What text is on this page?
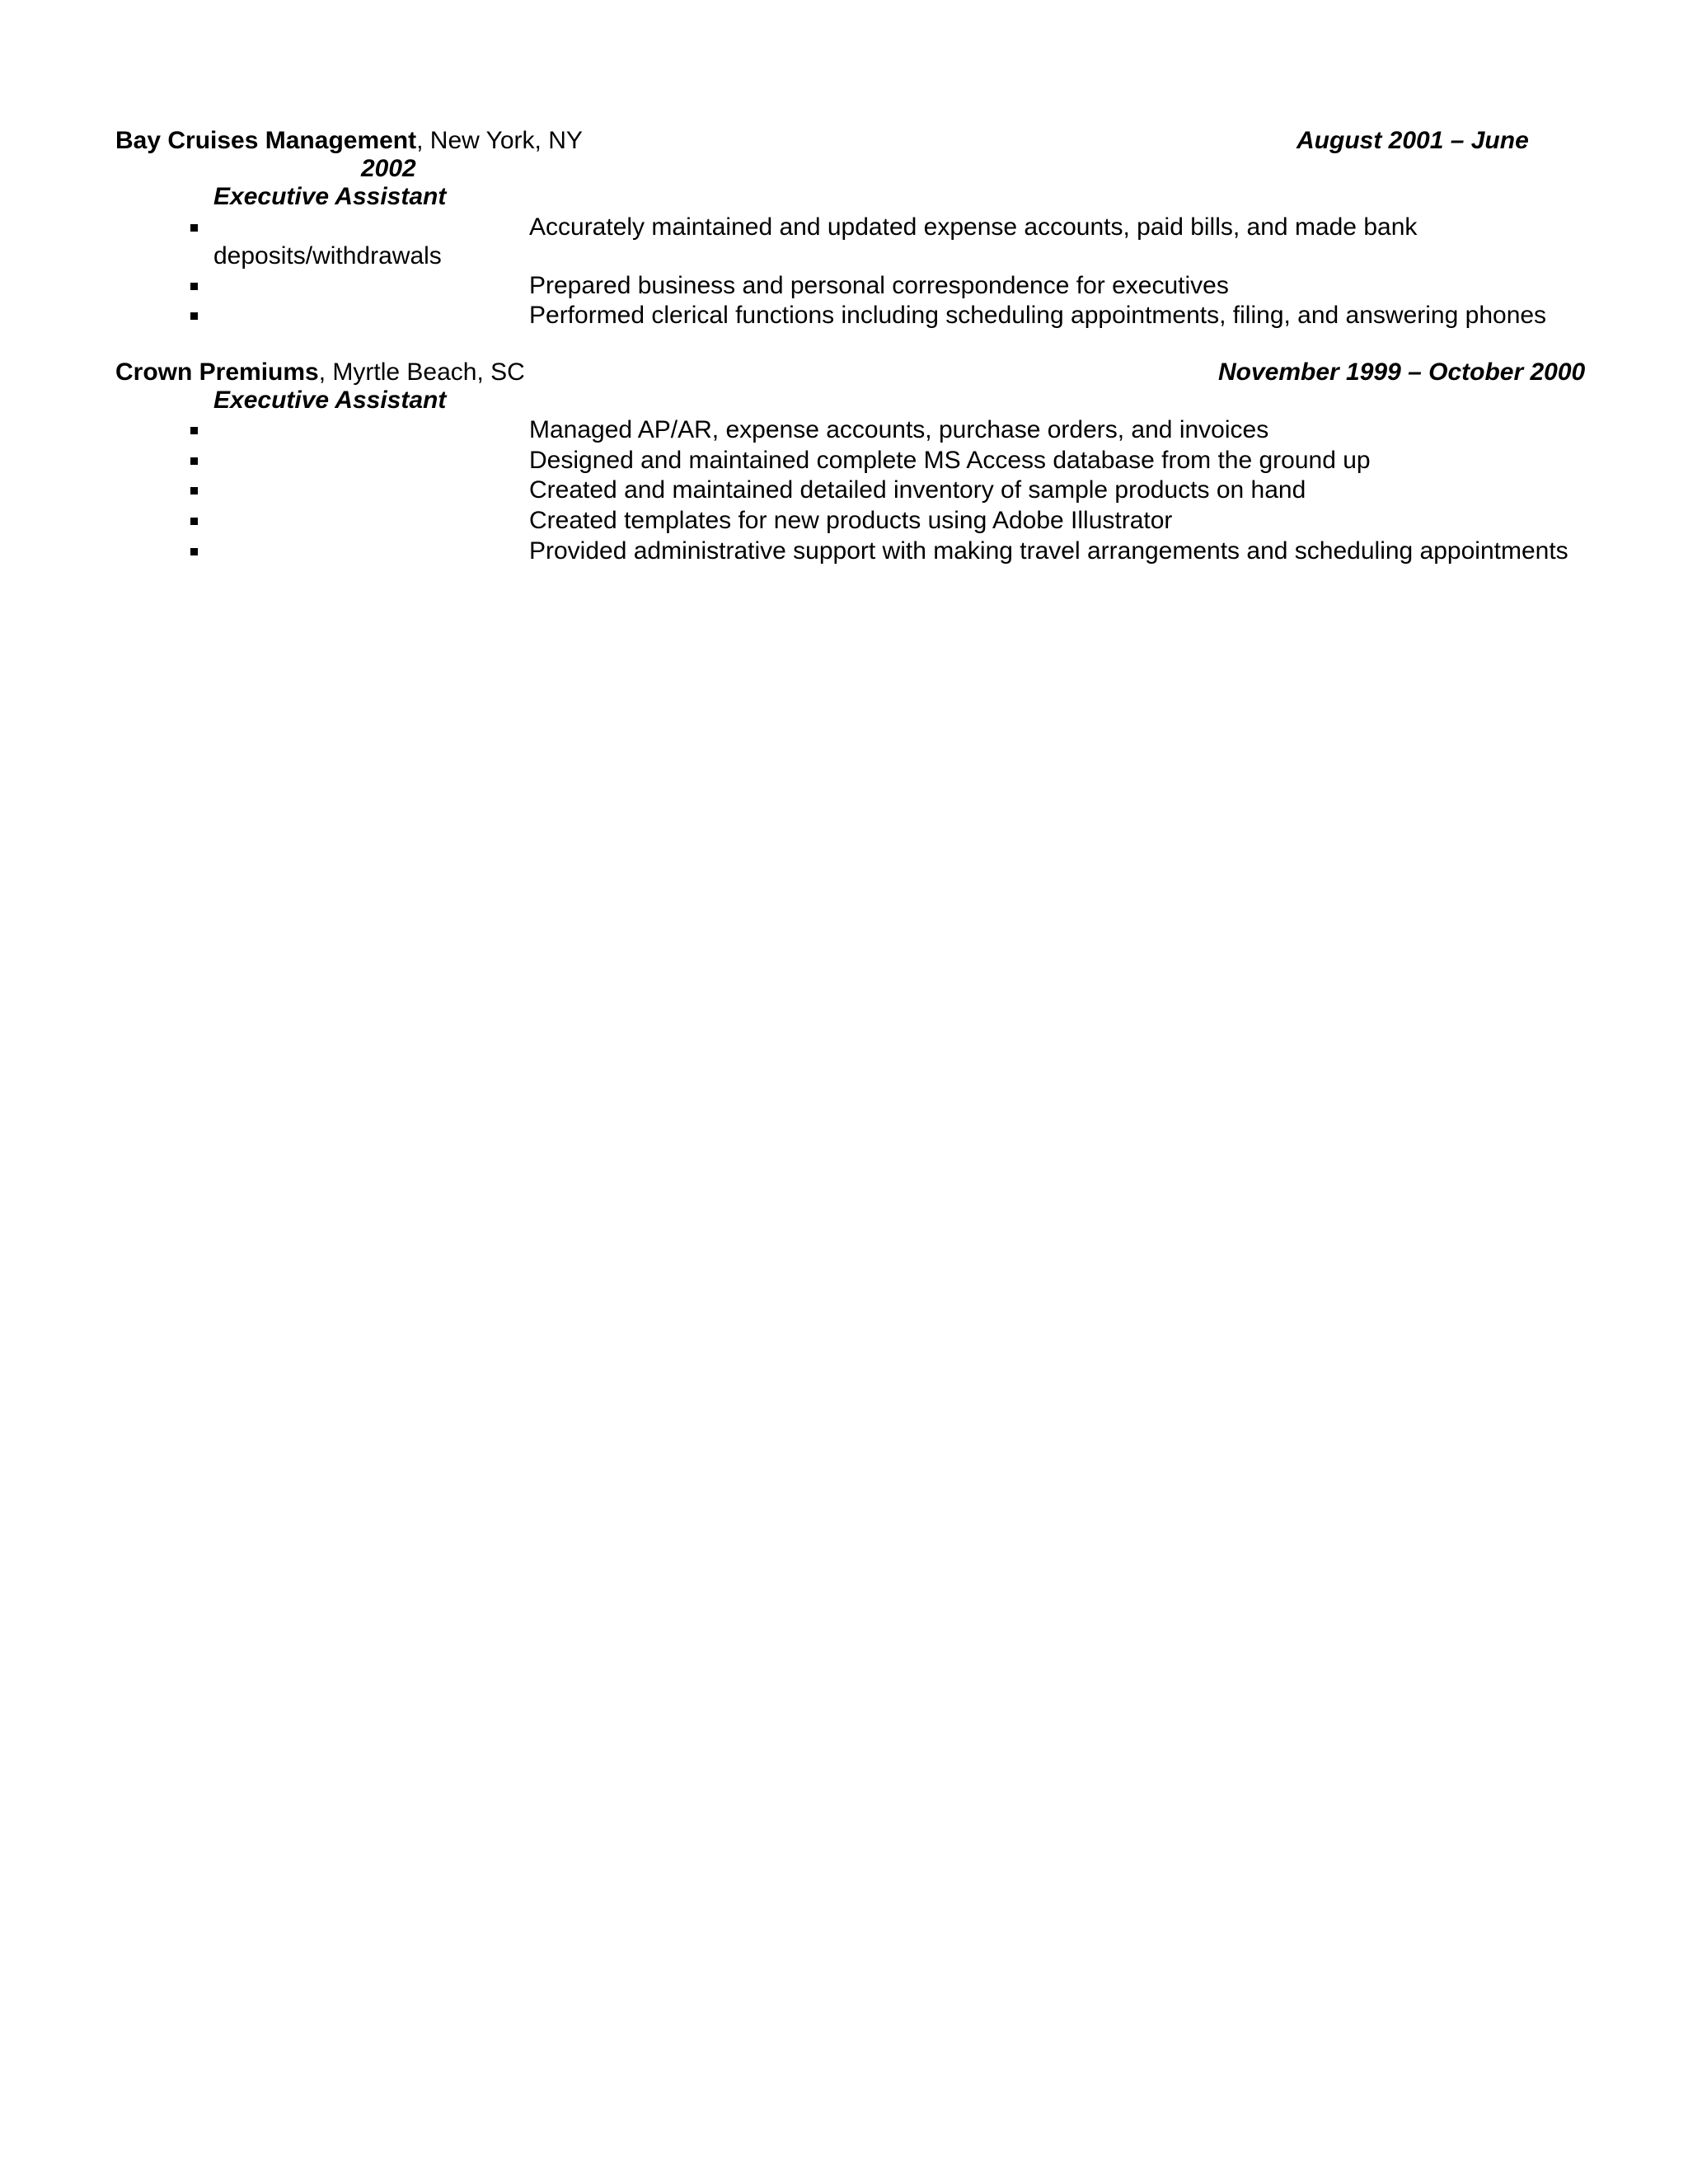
Bay Cruises Management, New York, NY	August 2001 – June
2002
Executive Assistant
Accurately maintained and updated expense accounts, paid bills, and made bank
deposits/withdrawals
Prepared business and personal correspondence for executives
Performed clerical functions including scheduling appointments, filing, and answering phones
Crown Premiums, Myrtle Beach, SC	November 1999 – October 2000
Executive Assistant
Managed AP/AR, expense accounts, purchase orders, and invoices
Designed and maintained complete MS Access database from the ground up
Created and maintained detailed inventory of sample products on hand
Created templates for new products using Adobe Illustrator
Provided administrative support with making travel arrangements and scheduling appointments
